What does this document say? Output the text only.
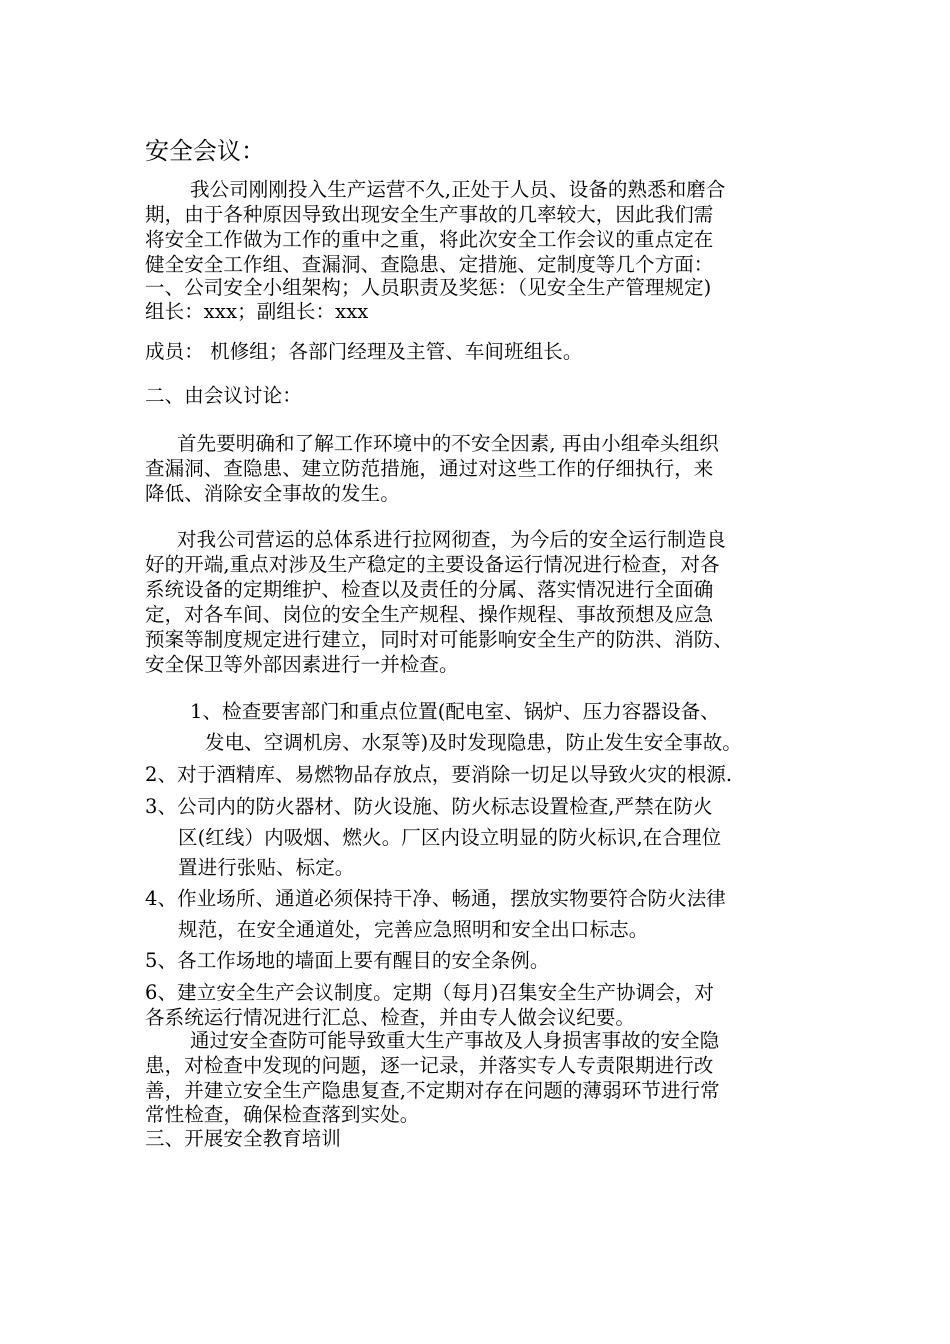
安全会议：
我公司刚刚投入生产运营不久,正处于人员、设备的熟悉和磨合
期，由于各种原因导致出现安全生产事故的几率较大，因此我们需
将安全工作做为工作的重中之重，将此次安全工作会议的重点定在
健全安全工作组、查漏洞、查隐患、定措施、定制度等几个方面：
一、公司安全小组架构；人员职责及奖惩：（见安全生产管理规定)
组长：xxx；副组长：xxx
成员： 机修组；各部门经理及主管、车间班组长。
二、由会议讨论：
首先要明确和了解工作环境中的不安全因素, 再由小组牵头组织
查漏洞、查隐患、建立防范措施，通过对这些工作的仔细执行，来
降低、消除安全事故的发生。
对我公司营运的总体系进行拉网彻查，为今后的安全运行制造良
好的开端,重点对涉及生产稳定的主要设备运行情况进行检查，对各
系统设备的定期维护、检查以及责任的分属、落实情况进行全面确
定，对各车间、岗位的安全生产规程、操作规程、事故预想及应急
预案等制度规定进行建立，同时对可能影响安全生产的防洪、消防、
安全保卫等外部因素进行一并检查。
1、检查要害部门和重点位置(配电室、锅炉、压力容器设备、
发电、空调机房、水泵等)及时发现隐患，防止发生安全事故。
2、对于酒精库、易燃物品存放点，要消除一切足以导致火灾的根源.
3、公司内的防火器材、防火设施、防火标志设置检查,严禁在防火
区(红线）内吸烟、燃火。厂区内设立明显的防火标识,在合理位
置进行张贴、标定。
4、作业场所、通道必须保持干净、畅通，摆放实物要符合防火法律
规范，在安全通道处，完善应急照明和安全出口标志。
5、各工作场地的墙面上要有醒目的安全条例。
6、建立安全生产会议制度。定期（每月)召集安全生产协调会，对
各系统运行情况进行汇总、检查，并由专人做会议纪要。
通过安全查防可能导致重大生产事故及人身损害事故的安全隐
患，对检查中发现的问题，逐一记录，并落实专人专责限期进行改
善，并建立安全生产隐患复查,不定期对存在问题的薄弱环节进行常
常性检查，确保检查落到实处。
三、开展安全教育培训
